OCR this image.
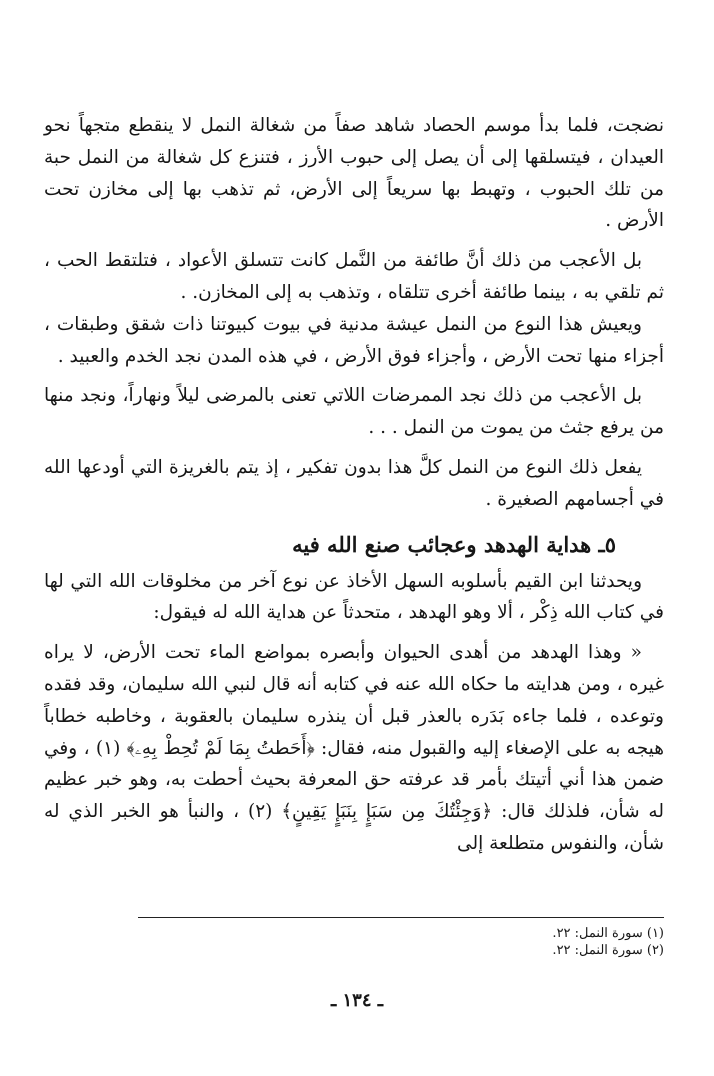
نضجت، فلما بدأ موسم الحصاد شاهد صفاً من شغالة النمل لا ينقطع متجهاً نحو العيدان ، فيتسلقها إلى أن يصل إلى حبوب الأرز ، فتنزع كل شغالة من النمل حبة من تلك الحبوب ، وتهبط بها سريعاً إلى الأرض، ثم تذهب بها إلى مخازن تحت الأرض .

بل الأعجب من ذلك أنَّ طائفة من النَّمل كانت تتسلق الأعواد ، فتلتقط الحب ، ثم تلقي به ، بينما طائفة أخرى تتلقاه ، وتذهب به إلى المخازن. .

ويعيش هذا النوع من النمل عيشة مدنية في بيوت كبيوتنا ذات شقق وطبقات ، أجزاء منها تحت الأرض ، وأجزاء فوق الأرض ، في هذه المدن نجد الخدم والعبيد .

بل الأعجب من ذلك نجد الممرضات اللاتي تعنى بالمرضى ليلاً ونهاراً، ونجد منها من يرفع جثث من يموت من النمل . . .

يفعل ذلك النوع من النمل كلَّ هذا بدون تفكير ، إذ يتم بالغريزة التي أودعها الله في أجسامهم الصغيرة .

٥ـ هداية الهدهد وعجائب صنع الله فيه

ويحدثنا ابن القيم بأسلوبه السهل الأخاذ عن نوع آخر من مخلوقات الله التي لها في كتاب الله ذِكْر ، ألا وهو الهدهد ، متحدثاً عن هداية الله له فيقول:

« وهذا الهدهد من أهدى الحيوان وأبصره بمواضع الماء تحت الأرض، لا يراه غيره ، ومن هدايته ما حكاه الله عنه في كتابه أنه قال لنبي الله سليمان، وقد فقده وتوعده ، فلما جاءه بَدَره بالعذر قبل أن ينذره سليمان بالعقوبة ، وخاطبه خطاباً هيجه به على الإصغاء إليه والقبول منه، فقال: ﴿أَحَطتُ بِمَا لَمْ تُحِطْ بِهِۦ﴾ (١) ، وفي ضمن هذا أني أتيتك بأمر قد عرفته حق المعرفة بحيث أحطت به، وهو خبر عظيم له شأن، فلذلك قال: ﴿وَجِئْتُكَ مِن سَبَإٍ بِنَبَإٍ يَقِينٍ﴾ (٢) ، والنبأ هو الخبر الذي له شأن، والنفوس متطلعة إلى

(١) سورة النمل: ٢٢.

(٢) سورة النمل: ٢٢.

ـ ١٣٤ ـ
